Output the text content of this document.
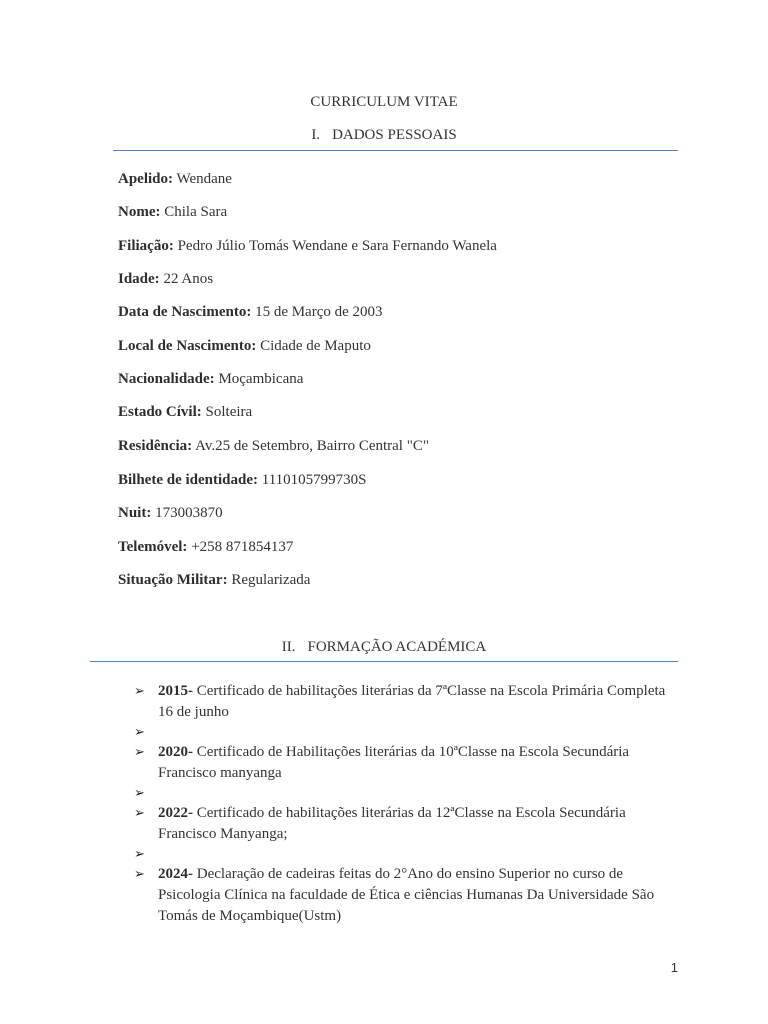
CURRICULUM VITAE
I. DADOS PESSOAIS
Apelido: Wendane
Nome: Chila Sara
Filiação: Pedro Júlio Tomás Wendane e Sara Fernando Wanela
Idade: 22 Anos
Data de Nascimento: 15 de Março de 2003
Local de Nascimento: Cidade de Maputo
Nacionalidade: Moçambicana
Estado Cívil: Solteira
Residência: Av.25 de Setembro, Bairro Central "C"
Bilhete de identidade: 1110105799730S
Nuit: 173003870
Telemóvel: +258 871854137
Situação Militar: Regularizada
II. FORMAÇÃO ACADÉMICA
➢ 2015- Certificado de habilitações literárias da 7ªClasse na Escola Primária Completa 16 de junho
➢
➢ 2020- Certificado de Habilitações literárias da 10ªClasse na Escola Secundária Francisco manyanga
➢
➢ 2022- Certificado de habilitações literárias da 12ªClasse na Escola Secundária Francisco Manyanga;
➢
➢ 2024- Declaração de cadeiras feitas do 2°Ano do ensino Superior no curso de Psicologia Clínica na faculdade de Ética e ciências Humanas Da Universidade São Tomás de Moçambique(Ustm)
1
